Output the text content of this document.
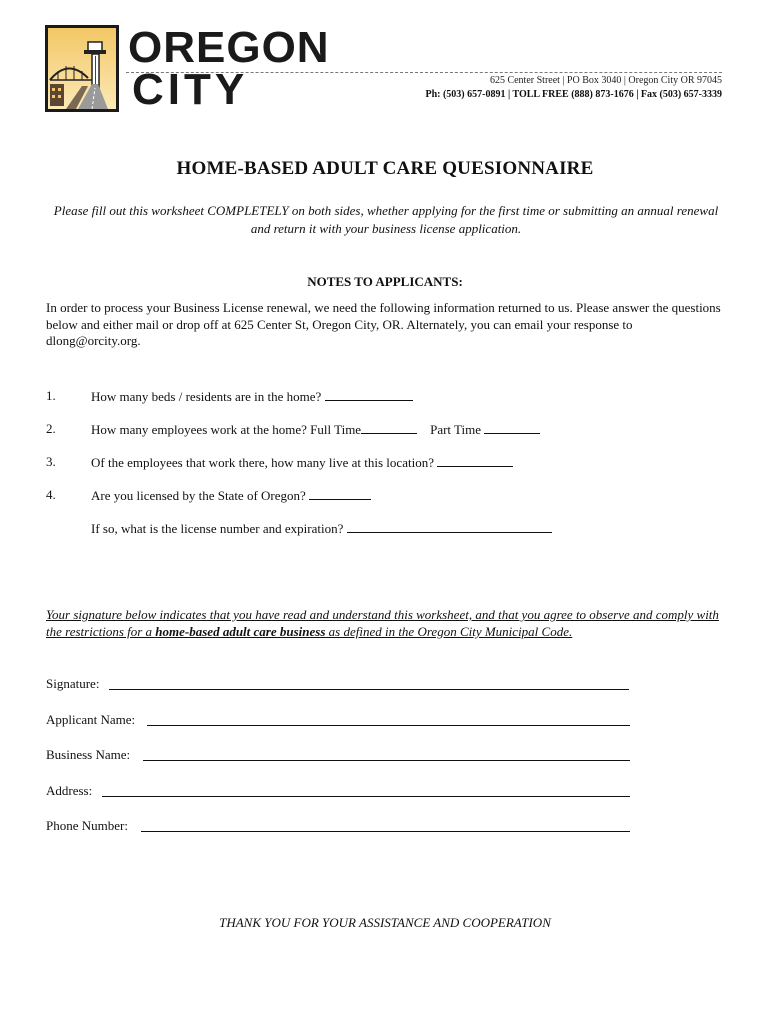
OREGON
CITY	625 Center Street | PO Box 3040 | Oregon City OR 97045
Ph: (503) 657-0891 | TOLL FREE (888) 873-1676 | Fax (503) 657-3339
HOME-BASED ADULT CARE QUESIONNAIRE
Please fill out this worksheet COMPLETELY on both sides, whether applying for the first time or submitting an annual renewal and return it with your business license application.
NOTES TO APPLICANTS:
In order to process your Business License renewal, we need the following information returned to us. Please answer the questions below and either mail or drop off at 625 Center St, Oregon City, OR. Alternately, you can email your response to dlong@orcity.org.
1.	How many beds / residents are in the home?
2.	How many employees work at the home? Full Time	Part Time
3.	Of the employees that work there, how many live at this location?
4.	Are you licensed by the State of Oregon?
If so, what is the license number and expiration?
Your signature below indicates that you have read and understand this worksheet, and that you agree to observe and comply with the restrictions for a home-based adult care business as defined in the Oregon City Municipal Code.
Signature:
Applicant Name:
Business Name:
Address:
Phone Number:
THANK YOU FOR YOUR ASSISTANCE AND COOPERATION
